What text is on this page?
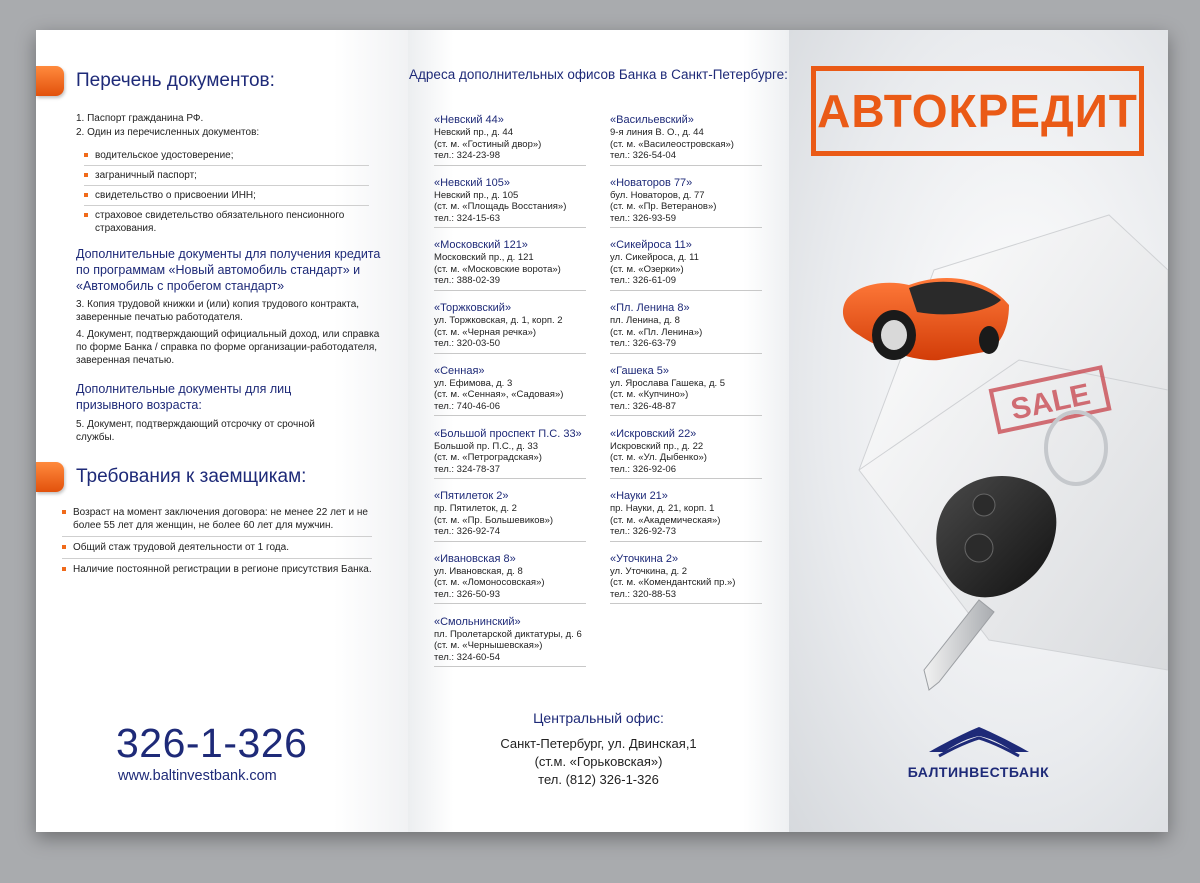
Перечень документов:
1. Паспорт гражданина РФ.
2. Один из перечисленных документов:
водительское удостоверение;
заграничный паспорт;
свидетельство о присвоении ИНН;
страховое свидетельство обязательного пенсионного страхования.
Дополнительные документы для получения кредита по программам «Новый автомобиль стандарт» и «Автомобиль с пробегом стандарт»
3. Копия трудовой книжки и (или) копия трудового контракта, заверенные печатью работодателя.
4. Документ, подтверждающий официальный доход, или справка по форме Банка / справка по форме организации-работодателя, заверенная печатью.
Дополнительные документы для лиц призывного возраста:
5. Документ, подтверждающий отсрочку от срочной службы.
Требования к заемщикам:
Возраст на момент заключения договора: не менее 22 лет и не более 55 лет для женщин, не более 60 лет для мужчин.
Общий стаж трудовой деятельности от 1 года.
Наличие постоянной регистрации в регионе присутствия Банка.
326-1-326
www.baltinvestbank.com
Адреса дополнительных офисов Банка в Санкт-Петербурге:
«Невский 44»
Невский пр., д. 44
(ст. м. «Гостиный двор»)
тел.: 324-23-98
«Невский 105»
Невский пр., д. 105
(ст. м. «Площадь Восстания»)
тел.: 324-15-63
«Московский 121»
Московский пр., д. 121
(ст. м. «Московские ворота»)
тел.: 388-02-39
«Торжковский»
ул. Торжковская, д. 1, корп. 2
(ст. м. «Черная речка»)
тел.: 320-03-50
«Сенная»
ул. Ефимова, д. 3
(ст. м. «Сенная», «Садовая»)
тел.: 740-46-06
«Большой проспект П.С. 33»
Большой пр. П.С., д. 33
(ст. м. «Петроградская»)
тел.: 324-78-37
«Пятилеток 2»
пр. Пятилеток, д. 2
(ст. м. «Пр. Большевиков»)
тел.: 326-92-74
«Ивановская 8»
ул. Ивановская, д. 8
(ст. м. «Ломоносовская»)
тел.: 326-50-93
«Смольнинский»
пл. Пролетарской диктатуры, д. 6
(ст. м. «Чернышевская»)
тел.: 324-60-54
«Васильевский»
9-я линия В. О., д. 44
(ст. м. «Василеостровская»)
тел.: 326-54-04
«Новаторов 77»
бул. Новаторов, д. 77
(ст. м. «Пр. Ветеранов»)
тел.: 326-93-59
«Сикейроса 11»
ул. Сикейроса, д. 11
(ст. м. «Озерки»)
тел.: 326-61-09
«Пл. Ленина 8»
пл. Ленина, д. 8
(ст. м. «Пл. Ленина»)
тел.: 326-63-79
«Гашека 5»
ул. Ярослава Гашека, д. 5
(ст. м. «Купчино»)
тел.: 326-48-87
«Искровский 22»
Искровский пр., д. 22
(ст. м. «Ул. Дыбенко»)
тел.: 326-92-06
«Науки 21»
пр. Науки, д. 21, корп. 1
(ст. м. «Академическая»)
тел.: 326-92-73
«Уточкина 2»
ул. Уточкина, д. 2
(ст. м. «Комендантский пр.»)
тел.: 320-88-53
Центральный офис:
Санкт-Петербург, ул. Двинская,1
(ст.м. «Горьковская»)
тел. (812) 326-1-326
АВТОКРЕДИТ
SALE
БАЛТИНВЕСТБАНК
